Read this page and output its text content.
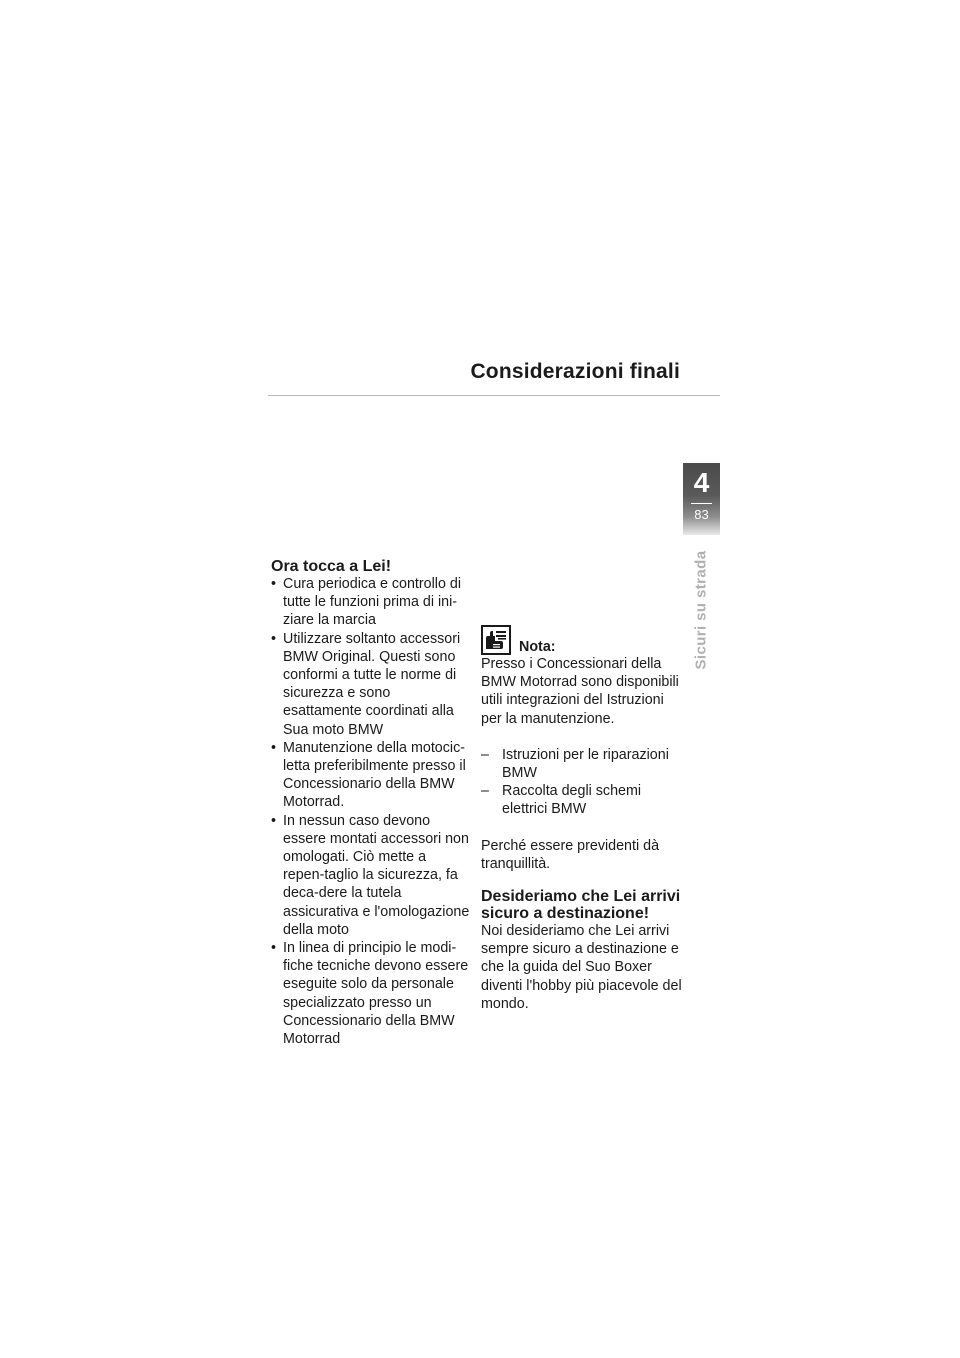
Considerazioni finali
4
83
Sicuri su strada
Ora tocca a Lei!
• Cura periodica e controllo di tutte le funzioni prima di ini-ziare la marcia
• Utilizzare soltanto accessori BMW Original. Questi sono conformi a tutte le norme di sicurezza e sono esattamente coordinati alla Sua moto BMW
• Manutenzione della motocic-letta preferibilmente presso il Concessionario della BMW Motorrad.
• In nessun caso devono essere montati accessori non omologati. Ciò mette a repen-taglio la sicurezza, fa deca-dere la tutela assicurativa e l'omologazione della moto
• In linea di principio le modi-fiche tecniche devono essere eseguite solo da personale specializzato presso un Concessionario della BMW Motorrad
Nota:

Presso i Concessionari della BMW Motorrad sono disponibili utili integrazioni del Istruzioni per la manutenzione.

– Istruzioni per le riparazioni BMW
– Raccolta degli schemi elettrici BMW

Perché essere previdenti dà tranquillità.

Desideriamo che Lei arrivi sicuro a destinazione!

Noi desideriamo che Lei arrivi sempre sicuro a destinazione e che la guida del Suo Boxer diventi l'hobby più piacevole del mondo.
